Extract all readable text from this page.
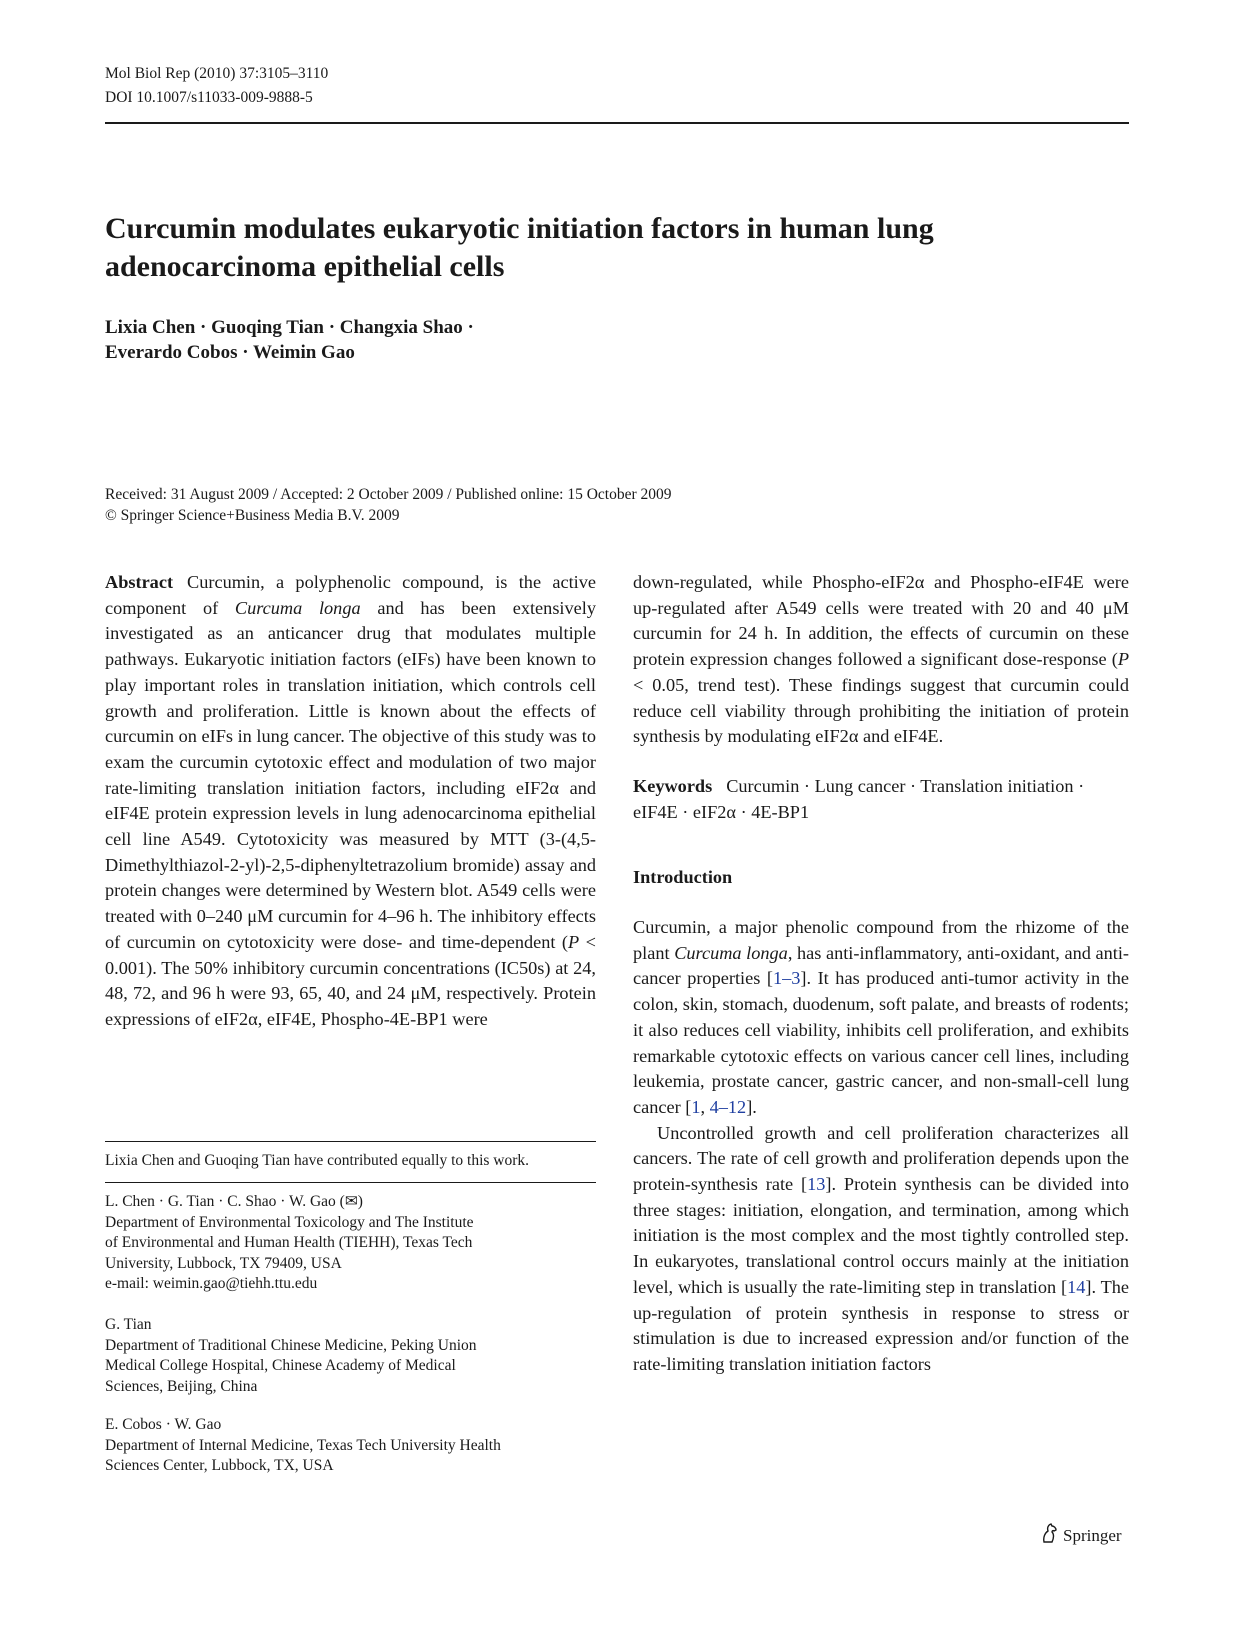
Mol Biol Rep (2010) 37:3105–3110
DOI 10.1007/s11033-009-9888-5
Curcumin modulates eukaryotic initiation factors in human lung
adenocarcinoma epithelial cells
Lixia Chen · Guoqing Tian · Changxia Shao ·
Everardo Cobos · Weimin Gao
Received: 31 August 2009 / Accepted: 2 October 2009 / Published online: 15 October 2009
© Springer Science+Business Media B.V. 2009

Abstract Curcumin, a polyphenolic compound, is the active component of Curcuma longa and has been extensively investigated as an anticancer drug that modulates multiple pathways. Eukaryotic initiation factors (eIFs) have been known to play important roles in translation initiation, which controls cell growth and proliferation. Little is known about the effects of curcumin on eIFs in lung cancer. The objective of this study was to exam the curcumin cytotoxic effect and modulation of two major rate-limiting translation initiation factors, including eIF2α and eIF4E protein expression levels in lung adenocarcinoma epithelial cell line A549. Cytotoxicity was measured by MTT (3-(4,5-Dimethylthiazol-2-yl)-2,5-diphenyltetrazolium bromide) assay and protein changes were determined by Western blot. A549 cells were treated with 0–240 μM curcumin for 4–96 h. The inhibitory effects of curcumin on cytotoxicity were dose- and time-dependent (P < 0.001). The 50% inhibitory curcumin concentrations (IC50s) at 24, 48, 72, and 96 h were 93, 65, 40, and 24 μM, respectively. Protein expressions of eIF2α, eIF4E, Phospho-4E-BP1 were

Lixia Chen and Guoqing Tian have contributed equally to this work.

L. Chen · G. Tian · C. Shao · W. Gao (✉)

Department of Environmental Toxicology and The Institute

of Environmental and Human Health (TIEHH), Texas Tech

University, Lubbock, TX 79409, USA

e-mail: weimin.gao@tiehh.ttu.edu

G. Tian

Department of Traditional Chinese Medicine, Peking Union

Medical College Hospital, Chinese Academy of Medical

Sciences, Beijing, China

E. Cobos · W. Gao

Department of Internal Medicine, Texas Tech University Health

Sciences Center, Lubbock, TX, USA

down-regulated, while Phospho-eIF2α and Phospho-eIF4E were up-regulated after A549 cells were treated with 20 and 40 μM curcumin for 24 h. In addition, the effects of curcumin on these protein expression changes followed a significant dose-response (P < 0.05, trend test). These findings suggest that curcumin could reduce cell viability through prohibiting the initiation of protein synthesis by modulating eIF2α and eIF4E.

Keywords Curcumin · Lung cancer · Translation initiation · eIF4E · eIF2α · 4E-BP1

Introduction

Curcumin, a major phenolic compound from the rhizome of the plant Curcuma longa, has anti-inflammatory, anti-oxidant, and anti-cancer properties [1–3]. It has produced anti-tumor activity in the colon, skin, stomach, duodenum, soft palate, and breasts of rodents; it also reduces cell viability, inhibits cell proliferation, and exhibits remarkable cytotoxic effects on various cancer cell lines, including leukemia, prostate cancer, gastric cancer, and non-small-cell lung cancer [1, 4–12].

Uncontrolled growth and cell proliferation characterizes all cancers. The rate of cell growth and proliferation depends upon the protein-synthesis rate [13]. Protein synthesis can be divided into three stages: initiation, elongation, and termination, among which initiation is the most complex and the most tightly controlled step. In eukaryotes, translational control occurs mainly at the initiation level, which is usually the rate-limiting step in translation [14]. The up-regulation of protein synthesis in response to stress or stimulation is due to increased expression and/or function of the rate-limiting translation initiation factors

Springer
